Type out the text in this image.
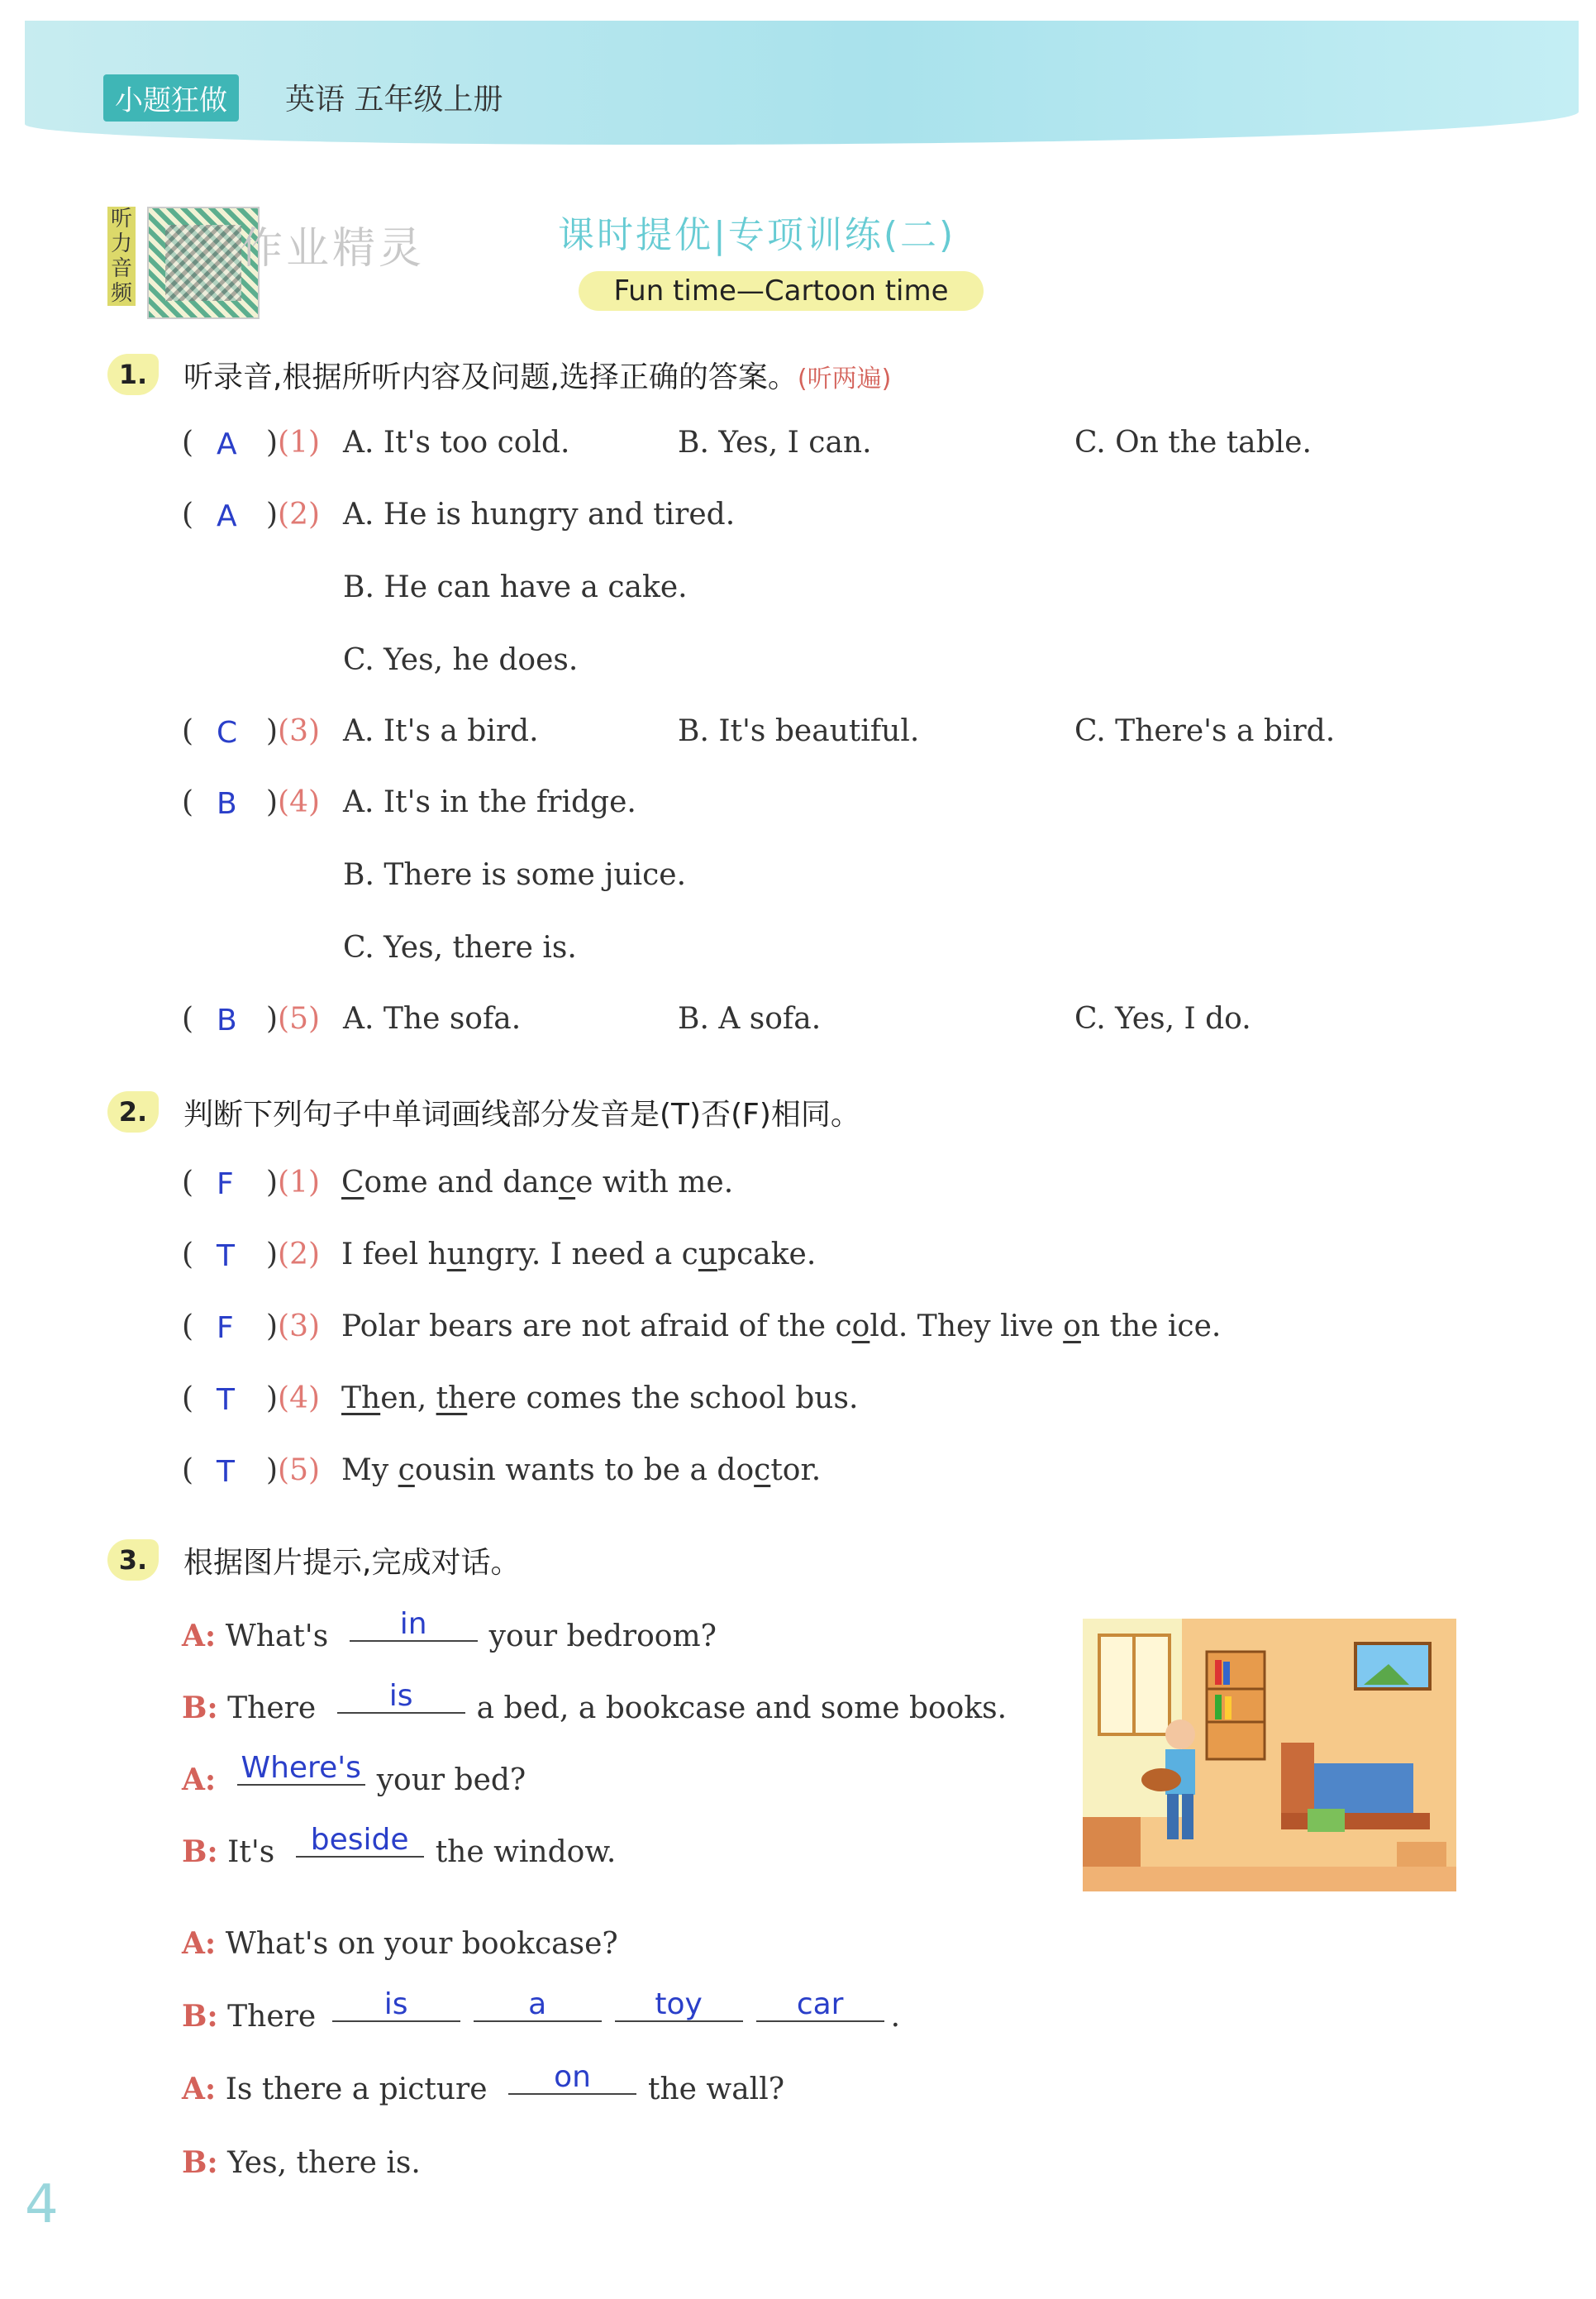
小题狂做	英语 五年级上册
听力音频
作业精灵	课时提优|专项训练(二)
Fun time—Cartoon time
1.	听录音,根据所听内容及问题,选择正确的答案。(听两遍)
( A )(1) A. It's too cold.	B. Yes, I can.	C. On the table.
( A )(2) A. He is hungry and tired.
B. He can have a cake.
C. Yes, he does.
( C )(3) A. It's a bird.	B. It's beautiful.	C. There's a bird.
( B )(4) A. It's in the fridge.
B. There is some juice.
C. Yes, there is.
( B )(5) A. The sofa.	B. A sofa.	C. Yes, I do.
2.	判断下列句子中单词画线部分发音是(T)否(F)相同。
( F )(1) Come and dance with me.
( T )(2) I feel hungry. I need a cupcake.
( F )(3) Polar bears are not afraid of the cold. They live on the ice.
( T )(4) Then, there comes the school bus.
( T )(5) My cousin wants to be a doctor.
3.	根据图片提示,完成对话。
A: What's in your bedroom?
B: There is a bed, a bookcase and some books.
A: Where's your bed?
B: It's beside the window.
A: What's on your bookcase?
B: There is	a	toy	car .
A: Is there a picture on the wall?
B: Yes, there is.
4
